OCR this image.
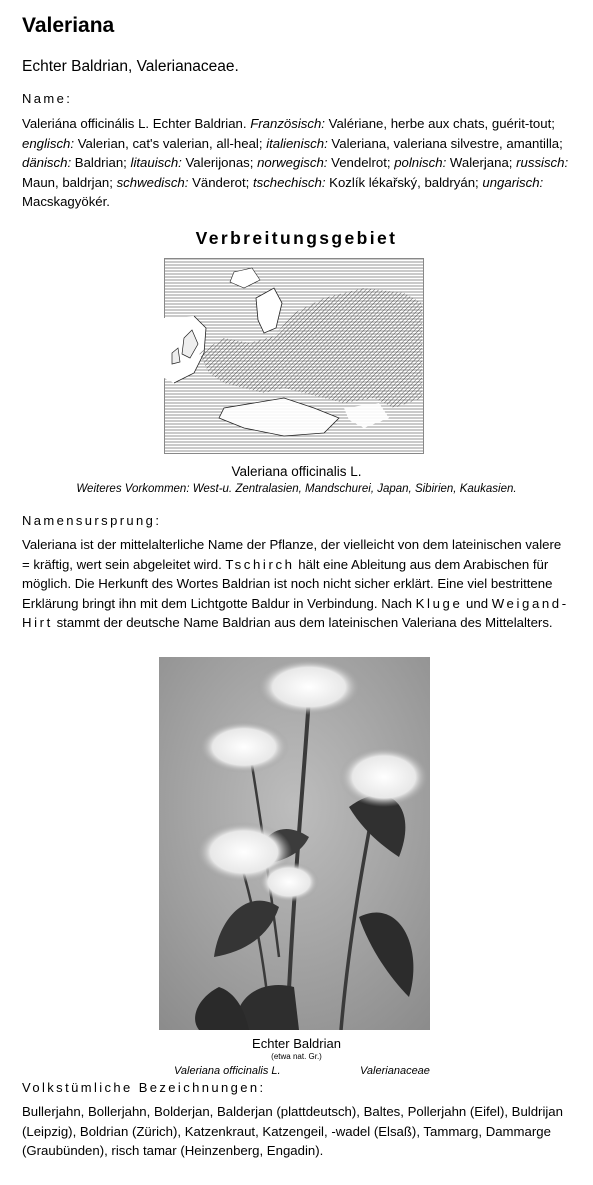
Valeriana
Echter Baldrian, Valerianaceae.
Name:
Valeriána officinális L. Echter Baldrian. Französisch: Valériane, herbe aux chats, guérit-tout; englisch: Valerian, cat's valerian, all-heal; italienisch: Valeriana, valeriana silvestre, amantilla; dänisch: Baldrian; litauisch: Valerijonas; norwegisch: Vendelrot; polnisch: Walerjana; russisch: Maun, baldrjan; schwedisch: Vänderot; tschechisch: Kozlík lékařský, baldryán; ungarisch: Macskagyökér.
Verbreitungsgebiet
Valeriana officinalis L.
Weiteres Vorkommen: West-u. Zentralasien, Mandschurei, Japan, Sibirien, Kaukasien.
Namensursprung:
Valeriana ist der mittelalterliche Name der Pflanze, der vielleicht von dem lateinischen valere = kräftig, wert sein abgeleitet wird. Tschirch hält eine Ableitung aus dem Arabischen für möglich. Die Herkunft des Wortes Baldrian ist noch nicht sicher erklärt. Eine viel bestrittene Erklärung bringt ihn mit dem Lichtgotte Baldur in Verbindung. Nach Kluge und Weigand-Hirt stammt der deutsche Name Baldrian aus dem lateinischen Valeriana des Mittelalters.
Echter Baldrian
(etwa nat. Gr.)
Valeriana officinalis L.	Valerianaceae
Volkstümliche Bezeichnungen:
Bullerjahn, Bollerjahn, Bolderjan, Balderjan (plattdeutsch), Baltes, Pollerjahn (Eifel), Buldrijan (Leipzig), Boldrian (Zürich), Katzenkraut, Katzengeil, -wadel (Elsaß), Tammarg, Dammarge (Graubünden), risch tamar (Heinzenberg, Engadin).
